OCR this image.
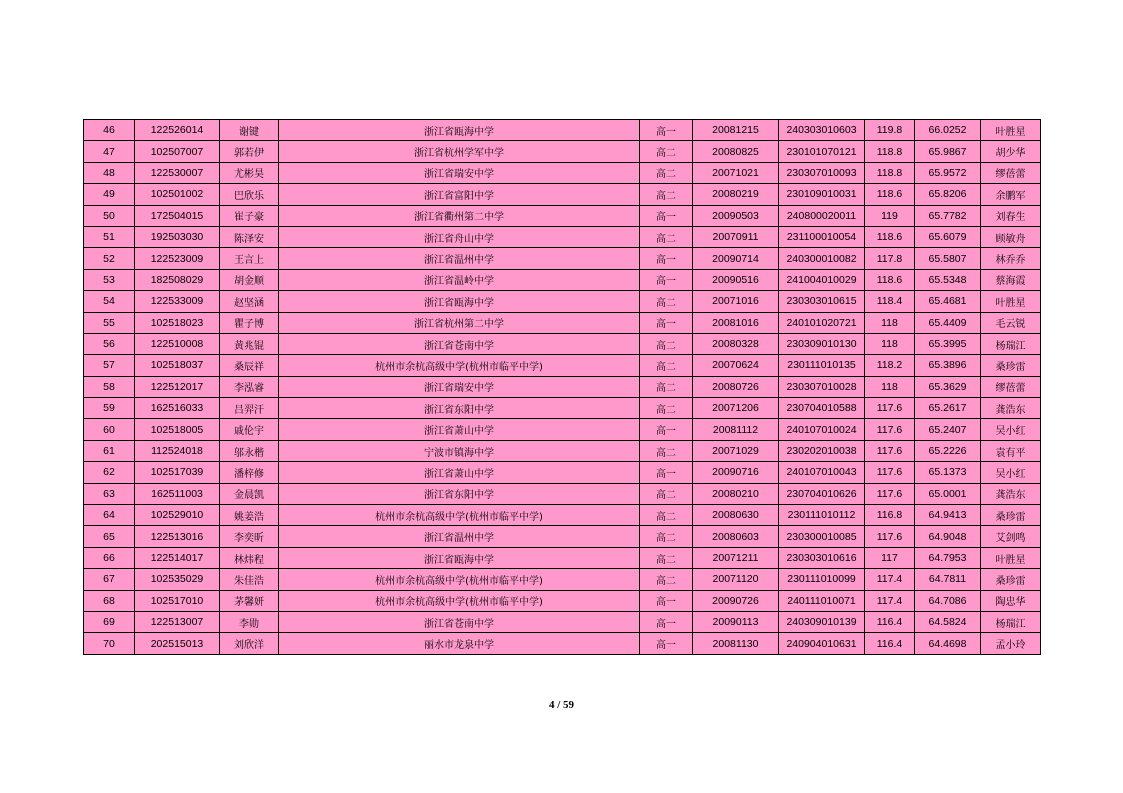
46	122526014	谢键	浙江省瓯海中学	高一	20081215	240303010603	119.8	66.0252	叶胜星
47	102507007	郭若伊	浙江省杭州学军中学	高二	20080825	230101070121	118.8	65.9867	胡少华
48	122530007	尤彬昊	浙江省瑞安中学	高二	20071021	230307010093	118.8	65.9572	缪蓓蕾
49	102501002	巴欣乐	浙江省富阳中学	高二	20080219	230109010031	118.6	65.8206	余鹏军
50	172504015	崔子豪	浙江省衢州第二中学	高一	20090503	240800020011	119	65.7782	刘春生
51	192503030	陈泽安	浙江省舟山中学	高二	20070911	231100010054	118.6	65.6079	顾敏舟
52	122523009	王言上	浙江省温州中学	高一	20090714	240300010082	117.8	65.5807	林乔乔
53	182508029	胡金顺	浙江省温岭中学	高一	20090516	241004010029	118.6	65.5348	蔡海霞
54	122533009	赵坚涵	浙江省瓯海中学	高二	20071016	230303010615	118.4	65.4681	叶胜星
55	102518023	瞿子博	浙江省杭州第二中学	高一	20081016	240101020721	118	65.4409	毛云锐
56	122510008	黄兆锟	浙江省苍南中学	高二	20080328	230309010130	118	65.3995	杨瑞江
57	102518037	桑辰祥	杭州市余杭高级中学(杭州市临平中学)	高二	20070624	230111010135	118.2	65.3896	桑珍雷
58	122512017	李泓睿	浙江省瑞安中学	高二	20080726	230307010028	118	65.3629	缪蓓蕾
59	162516033	吕羿汗	浙江省东阳中学	高二	20071206	230704010588	117.6	65.2617	龚浩东
60	102518005	戚伦宇	浙江省萧山中学	高一	20081112	240107010024	117.6	65.2407	吴小红
61	112524018	邬永楷	宁波市镇海中学	高二	20071029	230202010038	117.6	65.2226	袁有平
62	102517039	潘梓修	浙江省萧山中学	高一	20090716	240107010043	117.6	65.1373	吴小红
63	162511003	金晨凯	浙江省东阳中学	高二	20080210	230704010626	117.6	65.0001	龚浩东
64	102529010	姚姜浩	杭州市余杭高级中学(杭州市临平中学)	高二	20080630	230111010112	116.8	64.9413	桑珍雷
65	122513016	李奕昕	浙江省温州中学	高二	20080603	230300010085	117.6	64.9048	艾剑鸣
66	122514017	林炜程	浙江省瓯海中学	高二	20071211	230303010616	117	64.7953	叶胜星
67	102535029	朱佳浩	杭州市余杭高级中学(杭州市临平中学)	高二	20071120	230111010099	117.4	64.7811	桑珍雷
68	102517010	茅馨妍	杭州市余杭高级中学(杭州市临平中学)	高一	20090726	240111010071	117.4	64.7086	陶忠华
69	122513007	李勋	浙江省苍南中学	高一	20090113	240309010139	116.4	64.5824	杨瑞江
70	202515013	刘欣洋	丽水市龙泉中学	高一	20081130	240904010631	116.4	64.4698	孟小玲
4 / 59
